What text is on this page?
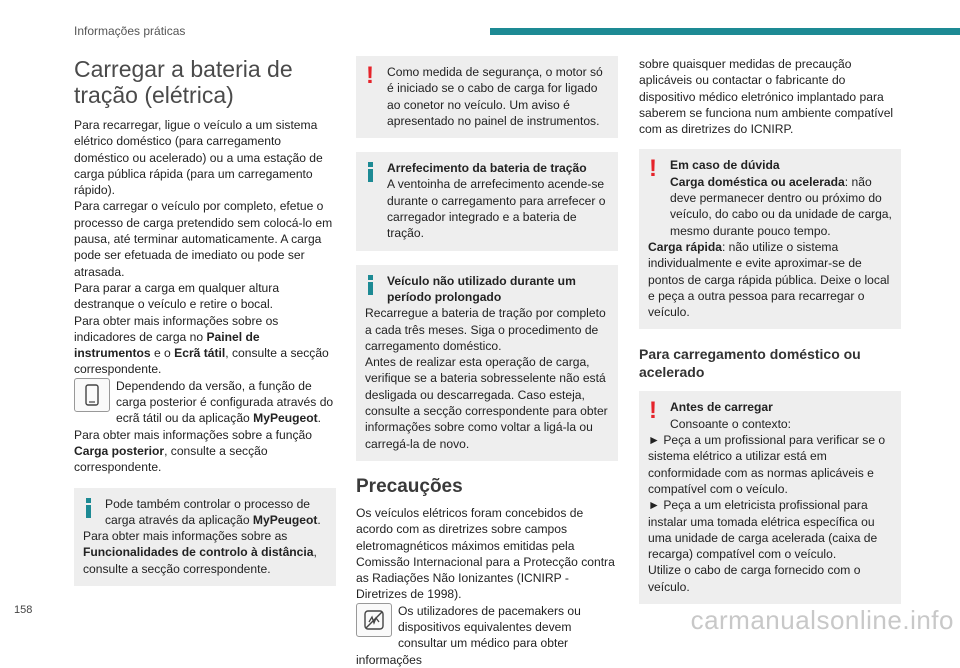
Informações práticas
Carregar a bateria de tração (elétrica)

Para recarregar, ligue o veículo a um sistema elétrico doméstico (para carregamento doméstico ou acelerado) ou a uma estação de carga pública rápida (para um carregamento rápido).

Para carregar o veículo por completo, efetue o processo de carga pretendido sem colocá-lo em pausa, até terminar automaticamente. A carga pode ser efetuada de imediato ou pode ser atrasada.

Para parar a carga em qualquer altura destranque o veículo e retire o bocal.

Para obter mais informações sobre os indicadores de carga no Painel de instrumentos e o Ecrã tátil, consulte a secção correspondente.

Dependendo da versão, a função de carga posterior é configurada através do ecrã tátil ou da aplicação MyPeugeot.

Para obter mais informações sobre a função Carga posterior, consulte a secção correspondente.

Pode também controlar o processo de carga através da aplicação MyPeugeot.

Para obter mais informações sobre as Funcionalidades de controlo à distância, consulte a secção correspondente.

!	Como medida de segurança, o motor só é iniciado se o cabo de carga for ligado ao conetor no veículo. Um aviso é apresentado no painel de instrumentos.

Arrefecimento da bateria de tração
A ventoinha de arrefecimento acende-se durante o carregamento para arrefecer o carregador integrado e a bateria de tração.

Veículo não utilizado durante um período prolongado

Recarregue a bateria de tração por completo a cada três meses. Siga o procedimento de carregamento doméstico.

Antes de realizar esta operação de carga, verifique se a bateria sobresselente não está desligada ou descarregada. Caso esteja, consulte a secção correspondente para obter informações sobre como voltar a ligá-la ou carregá-la de novo.

Precauções

Os veículos elétricos foram concebidos de acordo com as diretrizes sobre campos eletromagnéticos máximos emitidas pela Comissão Internacional para a Protecção contra as Radiações Não Ionizantes (ICNIRP - Diretrizes de 1998).

Os utilizadores de pacemakers ou dispositivos equivalentes devem consultar um médico para obter informações

sobre quaisquer medidas de precaução aplicáveis ou contactar o fabricante do dispositivo médico eletrónico implantado para saberem se funciona num ambiente compatível com as diretrizes do ICNIRP.

!	Em caso de dúvida
Carga doméstica ou acelerada: não deve permanecer dentro ou próximo do veículo, do cabo ou da unidade de carga, mesmo durante pouco tempo.

Carga rápida: não utilize o sistema individualmente e evite aproximar-se de pontos de carga rápida pública. Deixe o local e peça a outra pessoa para recarregar o veículo.

Para carregamento doméstico ou acelerado
!	Antes de carregar
Consoante o contexto:

► Peça a um profissional para verificar se o sistema elétrico a utilizar está em conformidade com as normas aplicáveis e compatível com o veículo.

► Peça a um eletricista profissional para instalar uma tomada elétrica específica ou uma unidade de carga acelerada (caixa de recarga) compatível com o veículo.

Utilize o cabo de carga fornecido com o veículo.

158	carmanualsonline.info
